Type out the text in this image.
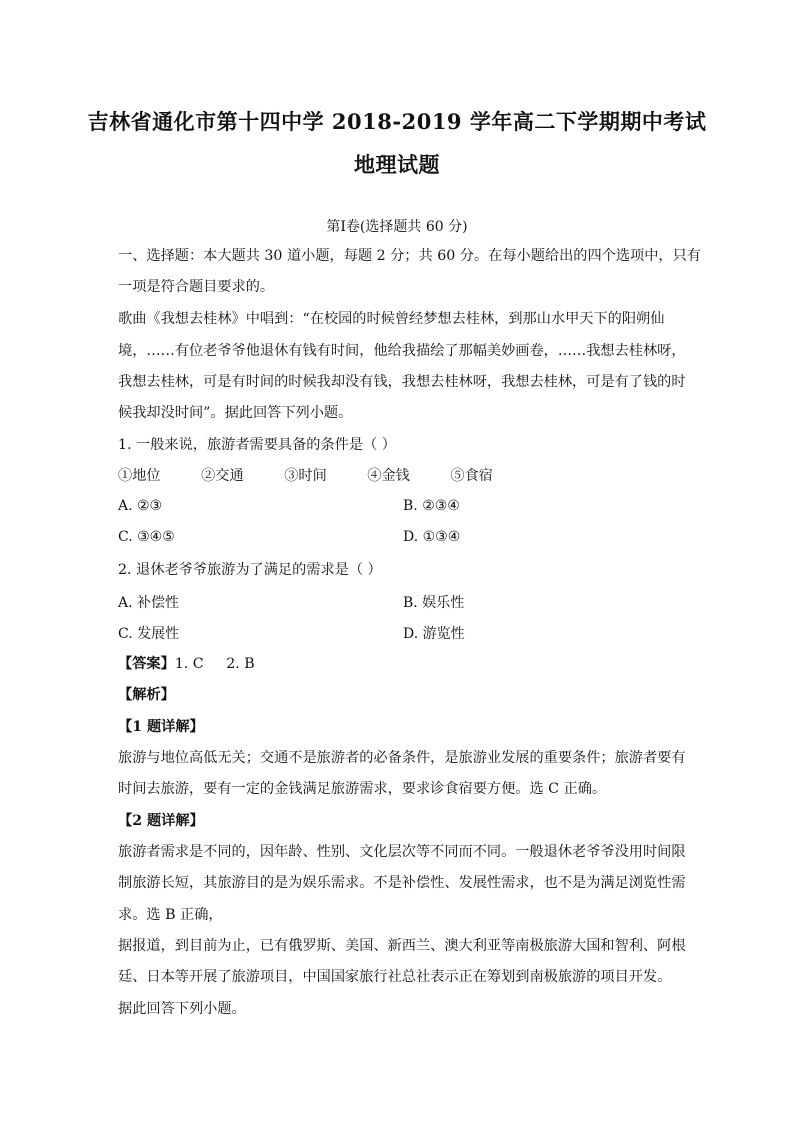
吉林省通化市第十四中学 2018-2019 学年高二下学期期中考试
地理试题
第Ⅰ卷(选择题共 60 分)
一、选择题：本大题共 30 道小题，每题 2 分；共 60 分。在每小题给出的四个选项中，只有
一项是符合题目要求的。
歌曲《我想去桂林》中唱到：“在校园的时候曾经梦想去桂林，到那山水甲天下的阳朔仙
境，……有位老爷爷他退休有钱有时间，他给我描绘了那幅美妙画卷，……我想去桂林呀，
我想去桂林，可是有时间的时候我却没有钱，我想去桂林呀，我想去桂林，可是有了钱的时
候我却没时间”。据此回答下列小题。
1. 一般来说，旅游者需要具备的条件是（ ）
①地位	②交通	③时间	④金钱	⑤食宿
A. ②③	B. ②③④
C. ③④⑤	D. ①③④
2. 退休老爷爷旅游为了满足的需求是（ ）
A. 补偿性	B. 娱乐性
C. 发展性	D. 游览性
【答案】1. C     2. B
【解析】
【1 题详解】
旅游与地位高低无关；交通不是旅游者的必备条件，是旅游业发展的重要条件；旅游者要有
时间去旅游，要有一定的金钱满足旅游需求，要求诊食宿要方便。选 C 正确。
【2 题详解】
旅游者需求是不同的，因年龄、性别、文化层次等不同而不同。一般退休老爷爷没用时间限
制旅游长短，其旅游目的是为娱乐需求。不是补偿性、发展性需求，也不是为满足浏览性需
求。选 B 正确，
据报道，到目前为止，已有俄罗斯、美国、新西兰、澳大利亚等南极旅游大国和智利、阿根
廷、日本等开展了旅游项目，中国国家旅行社总社表示正在筹划到南极旅游的项目开发。
据此回答下列小题。
